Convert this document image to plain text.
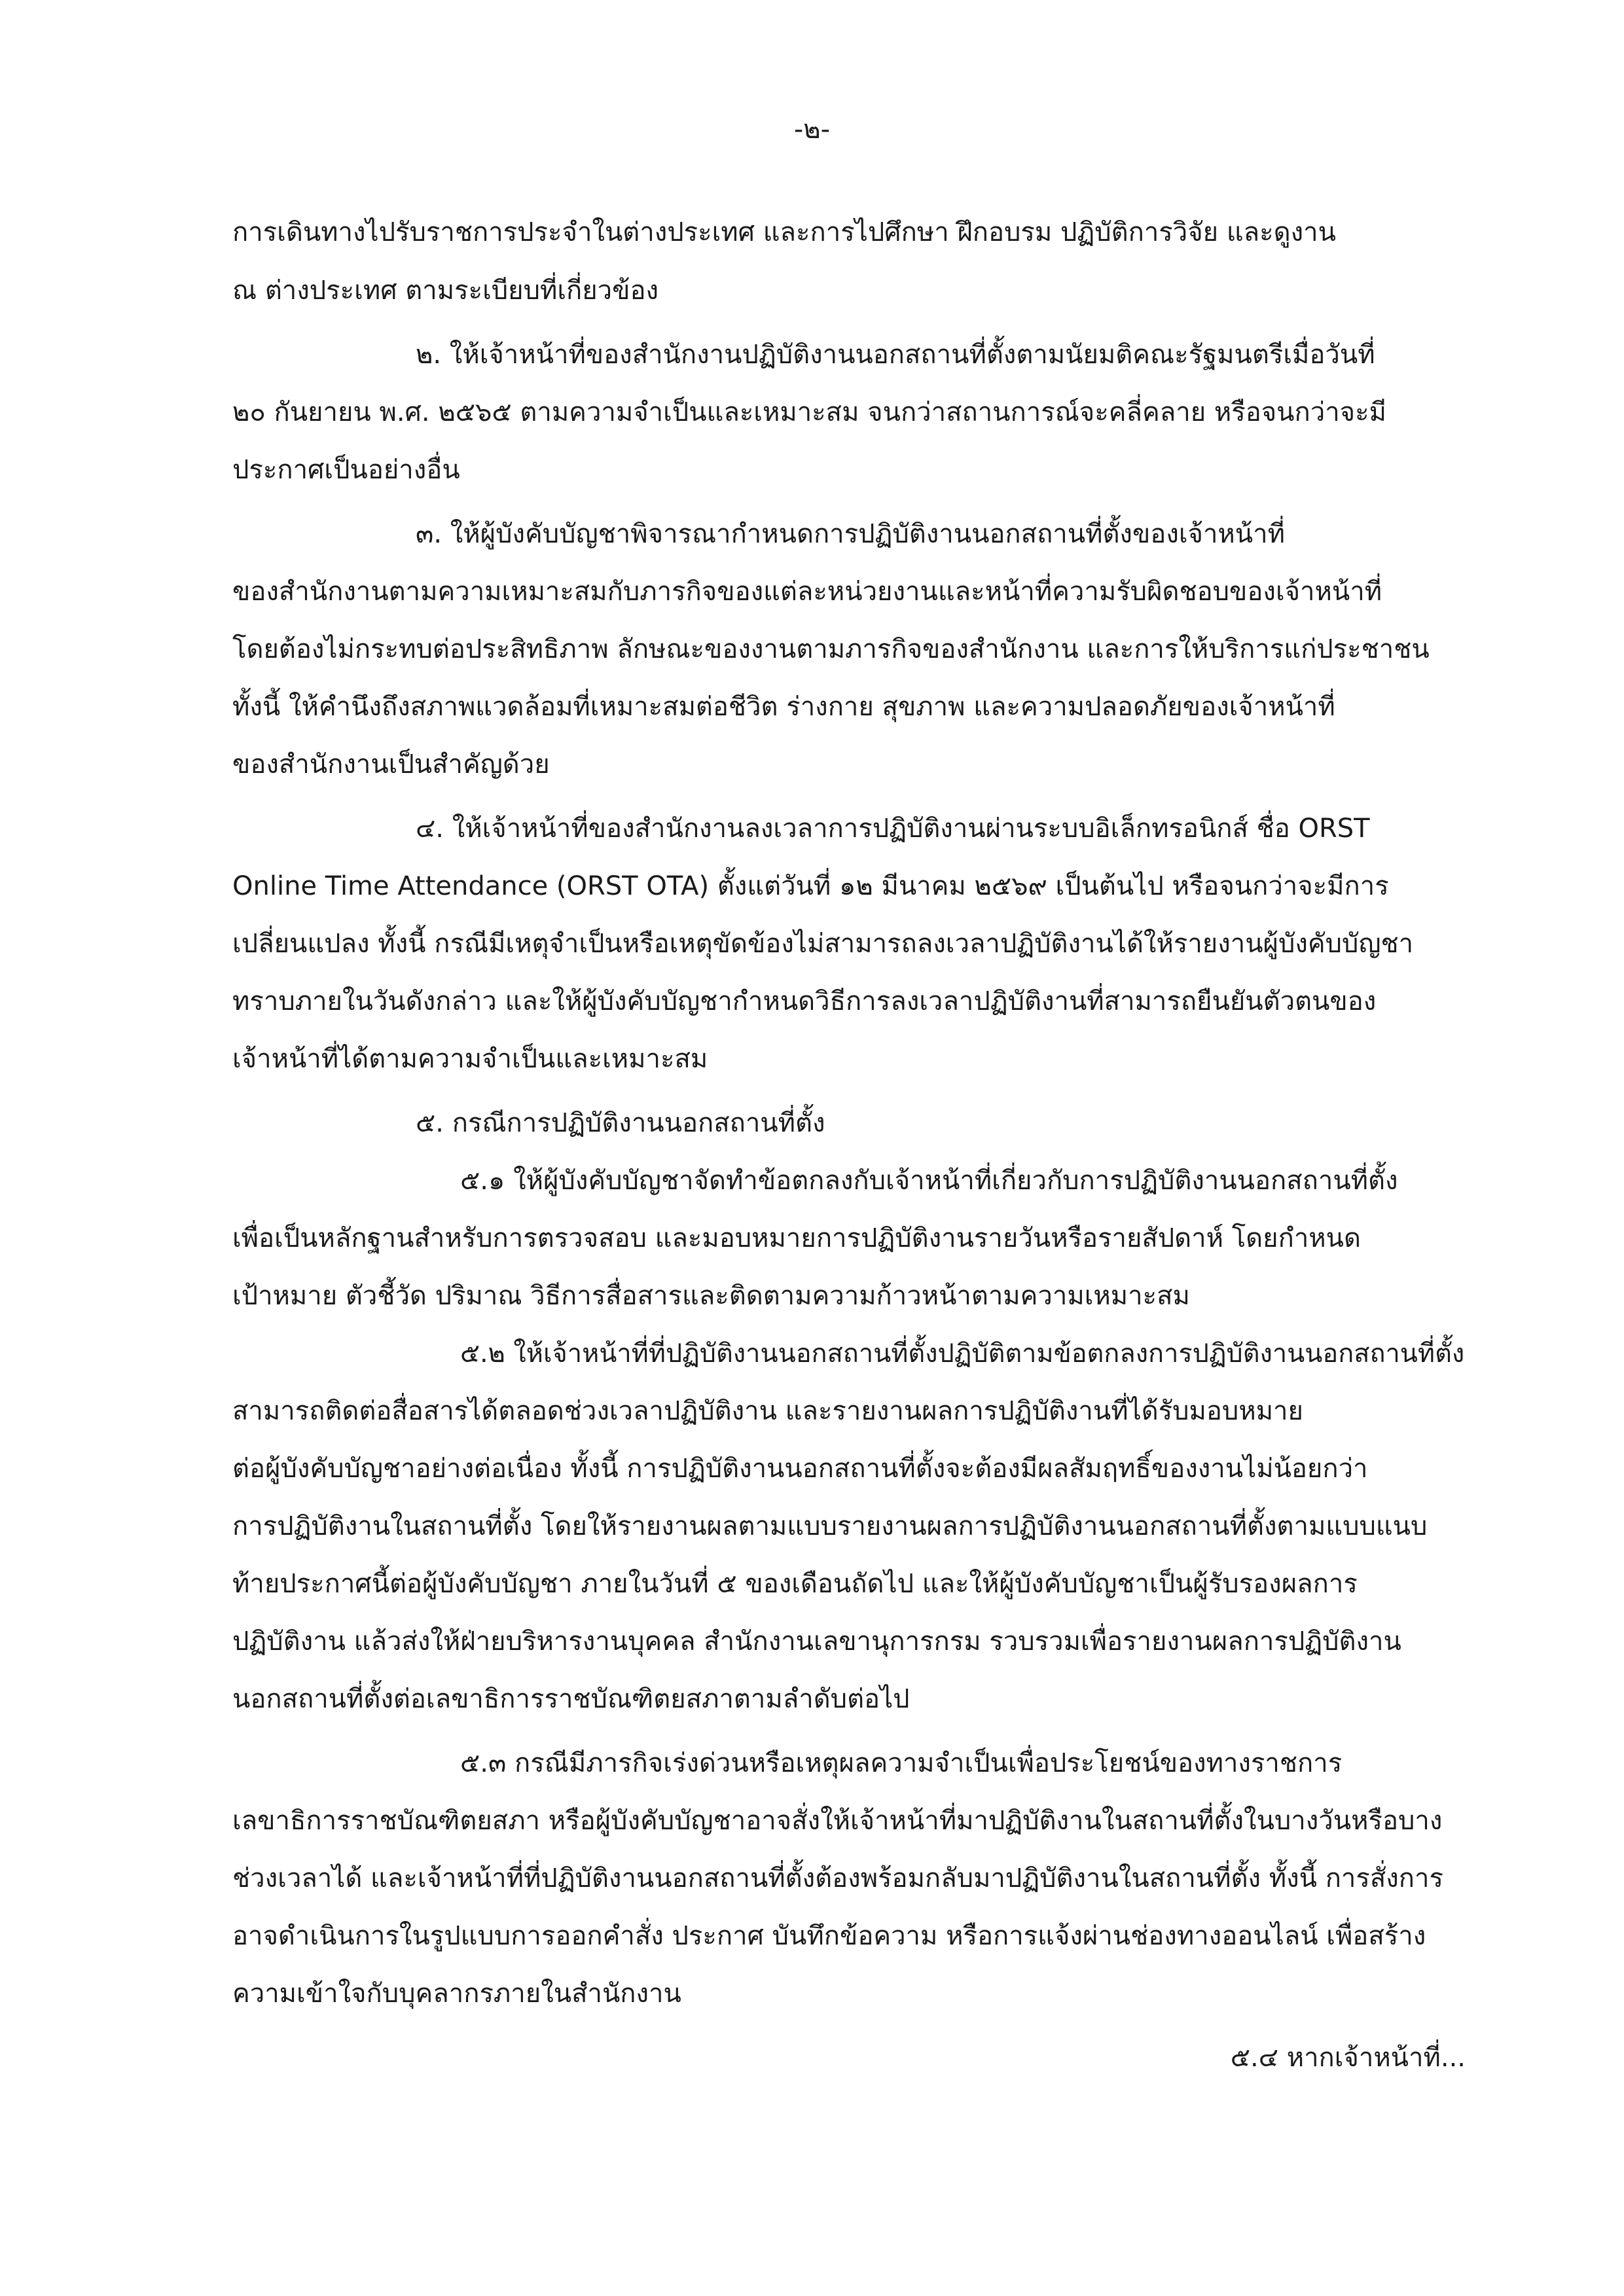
-๒-
การเดินทางไปรับราชการประจำในต่างประเทศ และการไปศึกษา ฝึกอบรม ปฏิบัติการวิจัย และดูงาน
ณ ต่างประเทศ ตามระเบียบที่เกี่ยวข้อง
๒. ให้เจ้าหน้าที่ของสำนักงานปฏิบัติงานนอกสถานที่ตั้งตามนัยมติคณะรัฐมนตรีเมื่อวันที่
๒๐ กันยายน พ.ศ. ๒๕๖๕ ตามความจำเป็นและเหมาะสม จนกว่าสถานการณ์จะคลี่คลาย หรือจนกว่าจะมี
ประกาศเป็นอย่างอื่น
๓. ให้ผู้บังคับบัญชาพิจารณากำหนดการปฏิบัติงานนอกสถานที่ตั้งของเจ้าหน้าที่
ของสำนักงานตามความเหมาะสมกับภารกิจของแต่ละหน่วยงานและหน้าที่ความรับผิดชอบของเจ้าหน้าที่
โดยต้องไม่กระทบต่อประสิทธิภาพ ลักษณะของงานตามภารกิจของสำนักงาน และการให้บริการแก่ประชาชน
ทั้งนี้ ให้คำนึงถึงสภาพแวดล้อมที่เหมาะสมต่อชีวิต ร่างกาย สุขภาพ และความปลอดภัยของเจ้าหน้าที่
ของสำนักงานเป็นสำคัญด้วย
๔. ให้เจ้าหน้าที่ของสำนักงานลงเวลาการปฏิบัติงานผ่านระบบอิเล็กทรอนิกส์ ชื่อ ORST
Online Time Attendance (ORST OTA) ตั้งแต่วันที่ ๑๒ มีนาคม ๒๕๖๙ เป็นต้นไป หรือจนกว่าจะมีการ
เปลี่ยนแปลง ทั้งนี้ กรณีมีเหตุจำเป็นหรือเหตุขัดข้องไม่สามารถลงเวลาปฏิบัติงานได้ให้รายงานผู้บังคับบัญชา
ทราบภายในวันดังกล่าว และให้ผู้บังคับบัญชากำหนดวิธีการลงเวลาปฏิบัติงานที่สามารถยืนยันตัวตนของ
เจ้าหน้าที่ได้ตามความจำเป็นและเหมาะสม
๕. กรณีการปฏิบัติงานนอกสถานที่ตั้ง
๕.๑ ให้ผู้บังคับบัญชาจัดทำข้อตกลงกับเจ้าหน้าที่เกี่ยวกับการปฏิบัติงานนอกสถานที่ตั้ง
เพื่อเป็นหลักฐานสำหรับการตรวจสอบ และมอบหมายการปฏิบัติงานรายวันหรือรายสัปดาห์ โดยกำหนด
เป้าหมาย ตัวชี้วัด ปริมาณ วิธีการสื่อสารและติดตามความก้าวหน้าตามความเหมาะสม
๕.๒ ให้เจ้าหน้าที่ที่ปฏิบัติงานนอกสถานที่ตั้งปฏิบัติตามข้อตกลงการปฏิบัติงานนอกสถานที่ตั้ง
สามารถติดต่อสื่อสารได้ตลอดช่วงเวลาปฏิบัติงาน และรายงานผลการปฏิบัติงานที่ได้รับมอบหมาย
ต่อผู้บังคับบัญชาอย่างต่อเนื่อง ทั้งนี้ การปฏิบัติงานนอกสถานที่ตั้งจะต้องมีผลสัมฤทธิ์ของงานไม่น้อยกว่า
การปฏิบัติงานในสถานที่ตั้ง โดยให้รายงานผลตามแบบรายงานผลการปฏิบัติงานนอกสถานที่ตั้งตามแบบแนบ
ท้ายประกาศนี้ต่อผู้บังคับบัญชา ภายในวันที่ ๕ ของเดือนถัดไป และให้ผู้บังคับบัญชาเป็นผู้รับรองผลการ
ปฏิบัติงาน แล้วส่งให้ฝ่ายบริหารงานบุคคล สำนักงานเลขานุการกรม รวบรวมเพื่อรายงานผลการปฏิบัติงาน
นอกสถานที่ตั้งต่อเลขาธิการราชบัณฑิตยสภาตามลำดับต่อไป
๕.๓ กรณีมีภารกิจเร่งด่วนหรือเหตุผลความจำเป็นเพื่อประโยชน์ของทางราชการ
เลขาธิการราชบัณฑิตยสภา หรือผู้บังคับบัญชาอาจสั่งให้เจ้าหน้าที่มาปฏิบัติงานในสถานที่ตั้งในบางวันหรือบาง
ช่วงเวลาได้ และเจ้าหน้าที่ที่ปฏิบัติงานนอกสถานที่ตั้งต้องพร้อมกลับมาปฏิบัติงานในสถานที่ตั้ง ทั้งนี้ การสั่งการ
อาจดำเนินการในรูปแบบการออกคำสั่ง ประกาศ บันทึกข้อความ หรือการแจ้งผ่านช่องทางออนไลน์ เพื่อสร้าง
ความเข้าใจกับบุคลากรภายในสำนักงาน
๕.๔ หากเจ้าหน้าที่...
